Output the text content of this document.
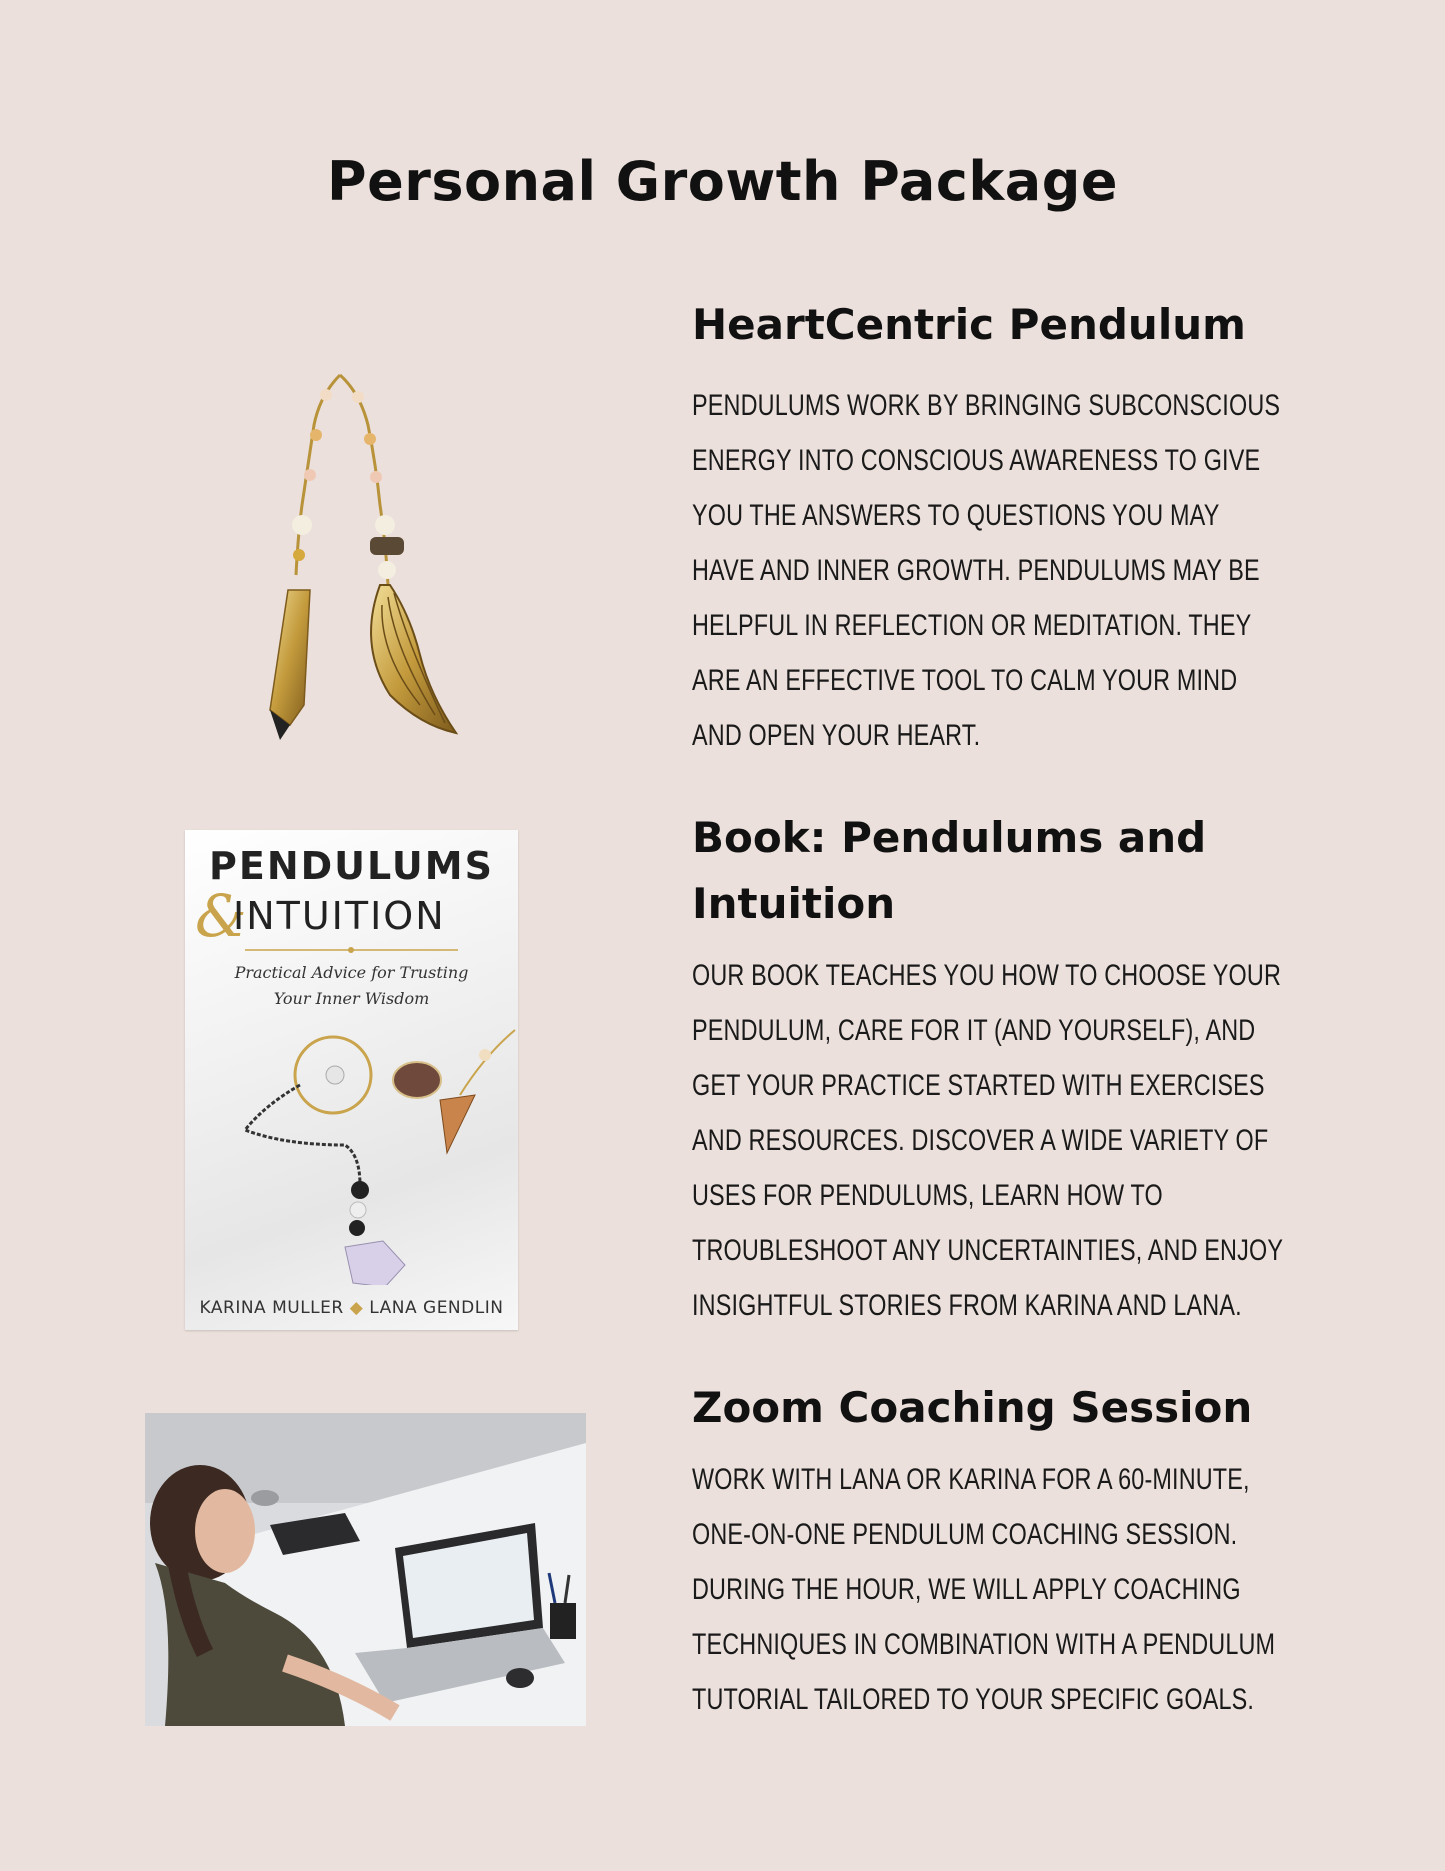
Personal Growth Package
HeartCentric Pendulum
PENDULUMS WORK BY BRINGING SUBCONSCIOUS
ENERGY INTO CONSCIOUS AWARENESS TO GIVE
YOU THE ANSWERS TO QUESTIONS YOU MAY
HAVE AND INNER GROWTH. PENDULUMS MAY BE
HELPFUL IN REFLECTION OR MEDITATION. THEY
ARE AN EFFECTIVE TOOL TO CALM YOUR MIND
AND OPEN YOUR HEART.
Book: Pendulums and
Intuition
OUR BOOK TEACHES YOU HOW TO CHOOSE YOUR
PENDULUM, CARE FOR IT (AND YOURSELF), AND
GET YOUR PRACTICE STARTED WITH EXERCISES
AND RESOURCES. DISCOVER A WIDE VARIETY OF
USES FOR PENDULUMS, LEARN HOW TO
TROUBLESHOOT ANY UNCERTAINTIES, AND ENJOY
INSIGHTFUL STORIES FROM KARINA AND LANA.
PENDULUMS
&
INTUITION
Practical Advice for Trusting
Your Inner Wisdom
KARINA MULLER ◆ LANA GENDLIN
Zoom Coaching Session
WORK WITH LANA OR KARINA FOR A 60-MINUTE,
ONE-ON-ONE PENDULUM COACHING SESSION.
DURING THE HOUR, WE WILL APPLY COACHING
TECHNIQUES IN COMBINATION WITH A PENDULUM
TUTORIAL TAILORED TO YOUR SPECIFIC GOALS.
